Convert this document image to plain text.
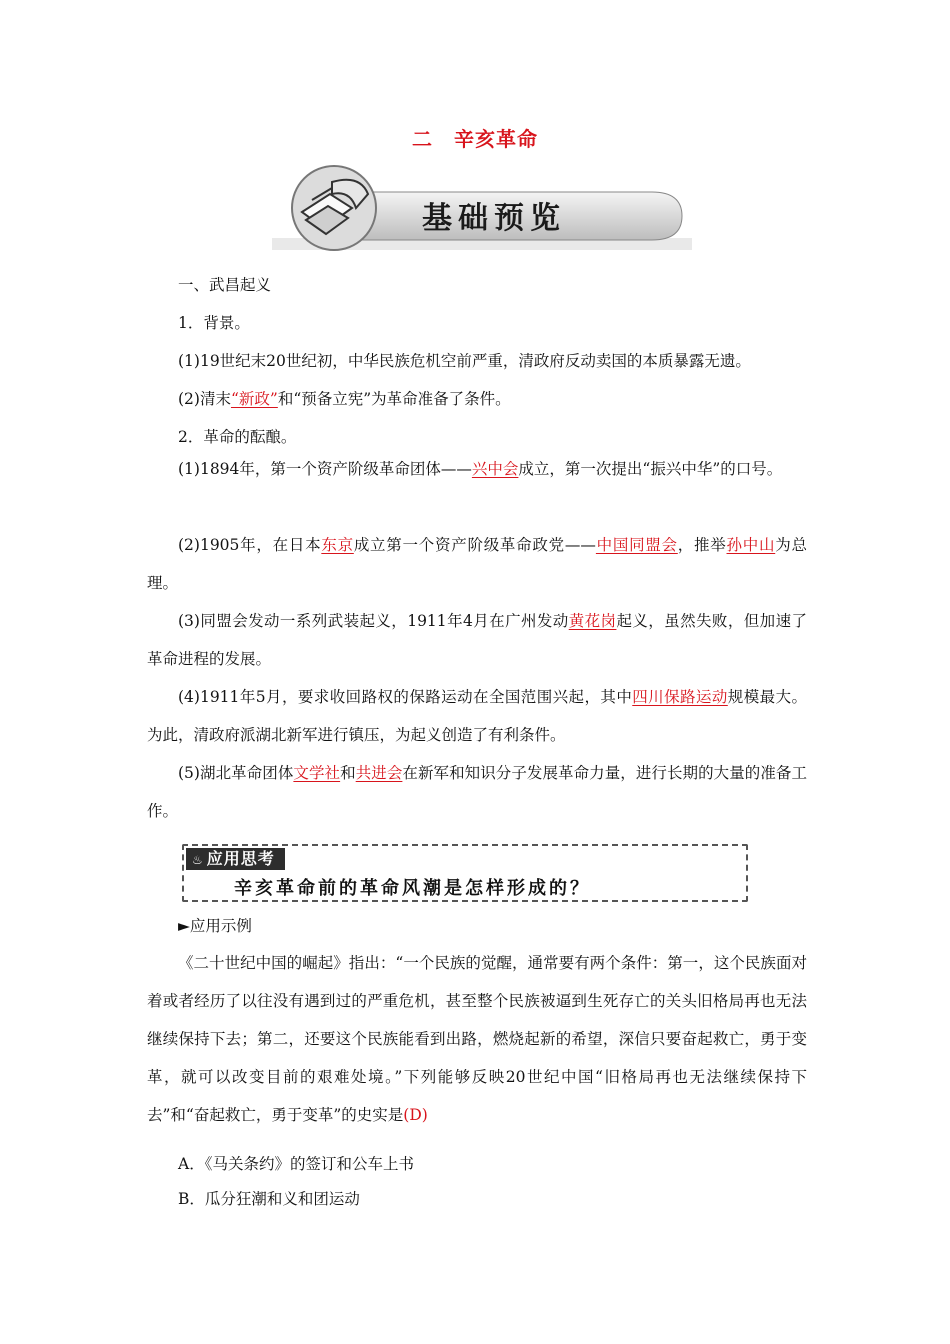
二　辛亥革命
基础预览
一、武昌起义
1．背景。
(1)19世纪末20世纪初，中华民族危机空前严重，清政府反动卖国的本质暴露无遗。
(2)清末“新政”和“预备立宪”为革命准备了条件。
2．革命的酝酿。
(1)1894年，第一个资产阶级革命团体——兴中会成立，第一次提出“振兴中华”的口号。
(2)1905年，在日本东京成立第一个资产阶级革命政党——中国同盟会，推举孙中山为总理。
(3)同盟会发动一系列武装起义，1911年4月在广州发动黄花岗起义，虽然失败，但加速了革命进程的发展。
(4)1911年5月，要求收回路权的保路运动在全国范围兴起，其中四川保路运动规模最大。为此，清政府派湖北新军进行镇压，为起义创造了有利条件。
(5)湖北革命团体文学社和共进会在新军和知识分子发展革命力量，进行长期的大量的准备工作。
♨ 应用思考
辛亥革命前的革命风潮是怎样形成的？
►应用示例
《二十世纪中国的崛起》指出：“一个民族的觉醒，通常要有两个条件：第一，这个民族面对着或者经历了以往没有遇到过的严重危机，甚至整个民族被逼到生死存亡的关头旧格局再也无法继续保持下去；第二，还要这个民族能看到出路，燃烧起新的希望，深信只要奋起救亡，勇于变革，就可以改变目前的艰难处境。”下列能够反映20世纪中国“旧格局再也无法继续保持下去”和“奋起救亡，勇于变革”的史实是(D)
A．《马关条约》的签订和公车上书
B．瓜分狂潮和义和团运动
